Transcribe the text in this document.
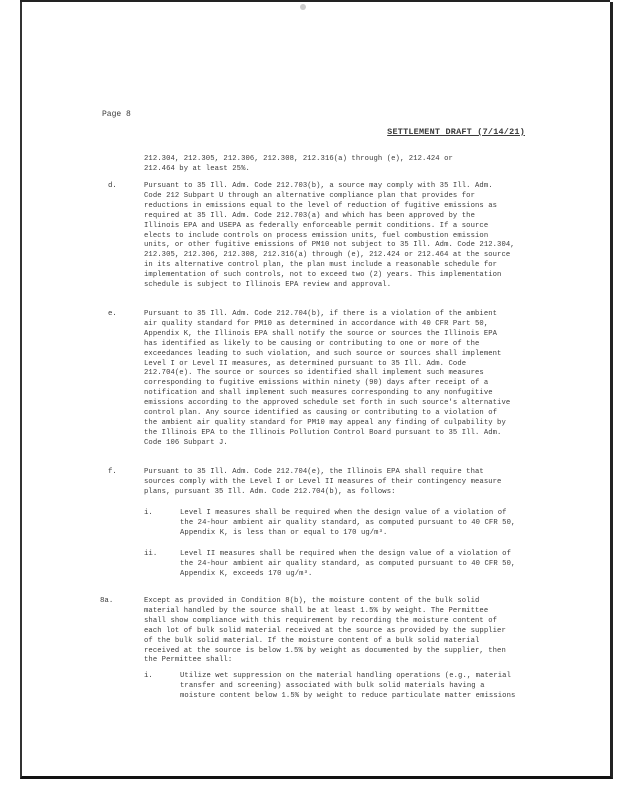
Page 8
SETTLEMENT DRAFT (7/14/21)
212.304, 212.305, 212.306, 212.308, 212.316(a) through (e), 212.424 or
212.464 by at least 25%.
d.	Pursuant to 35 Ill. Adm. Code 212.703(b), a source may comply with 35 Ill. Adm.
Code 212 Subpart U through an alternative compliance plan that provides for
reductions in emissions equal to the level of reduction of fugitive emissions as
required at 35 Ill. Adm. Code 212.703(a) and which has been approved by the
Illinois EPA and USEPA as federally enforceable permit conditions. If a source
elects to include controls on process emission units, fuel combustion emission
units, or other fugitive emissions of PM10 not subject to 35 Ill. Adm. Code 212.304,
212.305, 212.306, 212.308, 212.316(a) through (e), 212.424 or 212.464 at the source
in its alternative control plan, the plan must include a reasonable schedule for
implementation of such controls, not to exceed two (2) years. This implementation
schedule is subject to Illinois EPA review and approval.
e.	Pursuant to 35 Ill. Adm. Code 212.704(b), if there is a violation of the ambient
air quality standard for PM10 as determined in accordance with 40 CFR Part 50,
Appendix K, the Illinois EPA shall notify the source or sources the Illinois EPA
has identified as likely to be causing or contributing to one or more of the
exceedances leading to such violation, and such source or sources shall implement
Level I or Level II measures, as determined pursuant to 35 Ill. Adm. Code
212.704(e). The source or sources so identified shall implement such measures
corresponding to fugitive emissions within ninety (90) days after receipt of a
notification and shall implement such measures corresponding to any nonfugitive
emissions according to the approved schedule set forth in such source's alternative
control plan. Any source identified as causing or contributing to a violation of
the ambient air quality standard for PM10 may appeal any finding of culpability by
the Illinois EPA to the Illinois Pollution Control Board pursuant to 35 Ill. Adm.
Code 106 Subpart J.
f.	Pursuant to 35 Ill. Adm. Code 212.704(e), the Illinois EPA shall require that
sources comply with the Level I or Level II measures of their contingency measure
plans, pursuant 35 Ill. Adm. Code 212.704(b), as follows:
i.	Level I measures shall be required when the design value of a violation of
the 24-hour ambient air quality standard, as computed pursuant to 40 CFR 50,
Appendix K, is less than or equal to 170 ug/m³.
ii.	Level II measures shall be required when the design value of a violation of
the 24-hour ambient air quality standard, as computed pursuant to 40 CFR 50,
Appendix K, exceeds 170 ug/m³.
8a.	Except as provided in Condition 8(b), the moisture content of the bulk solid
material handled by the source shall be at least 1.5% by weight. The Permittee
shall show compliance with this requirement by recording the moisture content of
each lot of bulk solid material received at the source as provided by the supplier
of the bulk solid material. If the moisture content of a bulk solid material
received at the source is below 1.5% by weight as documented by the supplier, then
the Permittee shall:
i.	Utilize wet suppression on the material handling operations (e.g., material
transfer and screening) associated with bulk solid materials having a
moisture content below 1.5% by weight to reduce particulate matter emissions
